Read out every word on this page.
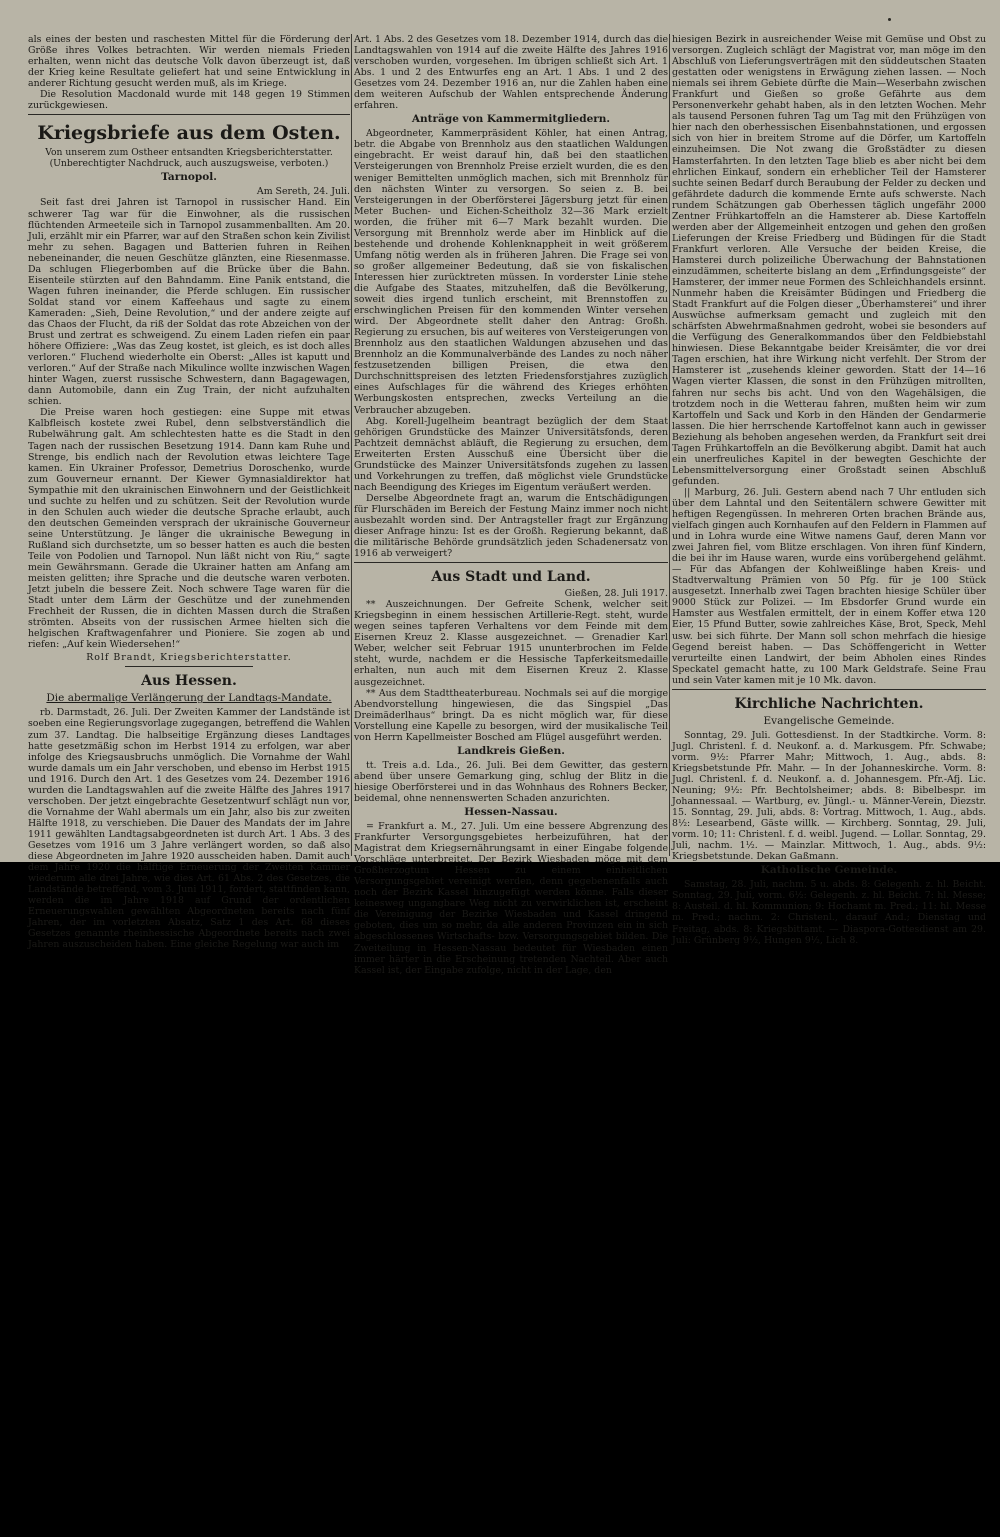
als eines der besten und raschesten Mittel für die Förderung der Größe ihres Volkes betrachten. Wir werden niemals Frieden erhalten, wenn nicht das deutsche Volk davon überzeugt ist, daß der Krieg keine Resultate geliefert hat und seine Entwicklung in anderer Richtung gesucht werden muß, als im Kriege.

Die Resolution Macdonald wurde mit 148 gegen 19 Stimmen zurückgewiesen.

Kriegsbriefe aus dem Osten.
Von unserem zum Ostheer entsandten Kriegsberichterstatter.
(Unberechtigter Nachdruck, auch auszugsweise, verboten.)
Tarnopol.

Am Sereth, 24. Juli.

Seit fast drei Jahren ist Tarnopol in russischer Hand. Ein schwerer Tag war für die Einwohner, als die russischen flüchtenden Armeeteile sich in Tarnopol zusammenballten. Am 20. Juli, erzählt mir ein Pfarrer, war auf den Straßen schon kein Zivilist mehr zu sehen. Bagagen und Batterien fuhren in Reihen nebeneinander, die neuen Geschütze glänzten, eine Riesenmasse. Da schlugen Fliegerbomben auf die Brücke über die Bahn. Eisenteile stürzten auf den Bahndamm. Eine Panik entstand, die Wagen fuhren ineinander, die Pferde schlugen. Ein russischer Soldat stand vor einem Kaffeehaus und sagte zu einem Kameraden: „Sieh, Deine Revolution,“ und der andere zeigte auf das Chaos der Flucht, da riß der Soldat das rote Abzeichen von der Brust und zertrat es schweigend. Zu einem Laden riefen ein paar höhere Offiziere: „Was das Zeug kostet, ist gleich, es ist doch alles verloren.“ Fluchend wiederholte ein Oberst: „Alles ist kaputt und verloren.“ Auf der Straße nach Mikulince wollte inzwischen Wagen hinter Wagen, zuerst russische Schwestern, dann Bagagewagen, dann Automobile, dann ein Zug Train, der nicht aufzuhalten schien.

Die Preise waren hoch gestiegen: eine Suppe mit etwas Kalbfleisch kostete zwei Rubel, denn selbstverständlich die Rubelwährung galt. Am schlechtesten hatte es die Stadt in den Tagen nach der russischen Besetzung 1914. Dann kam Ruhe und Strenge, bis endlich nach der Revolution etwas leichtere Tage kamen. Ein Ukrainer Professor, Demetrius Doroschenko, wurde zum Gouverneur ernannt. Der Kiewer Gymnasialdirektor hat Sympathie mit den ukrainischen Einwohnern und der Geistlichkeit und suchte zu helfen und zu schützen. Seit der Revolution wurde in den Schulen auch wieder die deutsche Sprache erlaubt, auch den deutschen Gemeinden versprach der ukrainische Gouverneur seine Unterstützung. Je länger die ukrainische Bewegung in Rußland sich durchsetzte, um so besser hatten es auch die besten Teile von Podolien und Tarnopol. Nun läßt nicht von Riu,“ sagte mein Gewährsmann. Gerade die Ukrainer hatten am Anfang am meisten gelitten; ihre Sprache und die deutsche waren verboten. Jetzt jubeln die bessere Zeit. Noch schwere Tage waren für die Stadt unter dem Lärm der Geschütze und der zunehmenden Frechheit der Russen, die in dichten Massen durch die Straßen strömten. Abseits von der russischen Armee hielten sich die helgischen Kraftwagenfahrer und Pioniere. Sie zogen ab und riefen: „Auf kein Wiedersehen!“

Rolf Brandt, Kriegsberichterstatter.
Aus Hessen.
Die abermalige Verlängerung der Landtags-Mandate.

rb. Darmstadt, 26. Juli. Der Zweiten Kammer der Landstände ist soeben eine Regierungsvorlage zugegangen, betreffend die Wahlen zum 37. Landtag. Die halbseitige Ergänzung dieses Landtages hatte gesetzmäßig schon im Herbst 1914 zu erfolgen, war aber infolge des Kriegsausbruchs unmöglich. Die Vornahme der Wahl wurde damals um ein Jahr verschoben, und ebenso im Herbst 1915 und 1916. Durch den Art. 1 des Gesetzes vom 24. Dezember 1916 wurden die Landtagswahlen auf die zweite Hälfte des Jahres 1917 verschoben. Der jetzt eingebrachte Gesetzentwurf schlägt nun vor, die Vornahme der Wahl abermals um ein Jahr, also bis zur zweiten Hälfte 1918, zu verschieben. Die Dauer des Mandats der im Jahre 1911 gewählten Landtagsabgeordneten ist durch Art. 1 Abs. 3 des Gesetzes vom 1916 um 3 Jahre verlängert worden, so daß also diese Abgeordneten im Jahre 1920 ausscheiden haben. Damit auch dem Jahre 1920 die hälftige Erneuerung der Zweiten Kammer wiederum alle drei Jahre, wie dies Art. 61 Abs. 2 des Gesetzes, die Landstände betreffend, vom 3. Juni 1911, fordert, stattfinden kann, werden die im Jahre 1918 auf Grund der ordentlichen Erneuerungswahlen gewählten Abgeordneten bereits nach fünf Jahren, der im vorletzten Absatz, Satz 1 des Art. 68 dieses Gesetzes genannte rheinhessische Abgeordnete bereits nach zwei Jahren auszuscheiden haben. Eine gleiche Regelung war auch im

Art. 1 Abs. 2 des Gesetzes vom 18. Dezember 1914, durch das die Landtagswahlen von 1914 auf die zweite Hälfte des Jahres 1916 verschoben wurden, vorgesehen. Im übrigen schließt sich Art. 1 Abs. 1 und 2 des Entwurfes eng an Art. 1 Abs. 1 und 2 des Gesetzes vom 24. Dezember 1916 an, nur die Zahlen haben eine dem weiteren Aufschub der Wahlen entsprechende Änderung erfahren.

Anträge von Kammermitgliedern.

Abgeordneter, Kammerpräsident Köhler, hat einen Antrag, betr. die Abgabe von Brennholz aus den staatlichen Waldungen eingebracht. Er weist darauf hin, daß bei den staatlichen Versteigerungen von Brennholz Preise erzielt wurden, die es den weniger Bemittelten unmöglich machen, sich mit Brennholz für den nächsten Winter zu versorgen. So seien z. B. bei Versteigerungen in der Oberförsterei Jägersburg jetzt für einen Meter Buchen- und Eichen-Scheitholz 32—36 Mark erzielt worden, die früher mit 6—7 Mark bezahlt wurden. Die Versorgung mit Brennholz werde aber im Hinblick auf die bestehende und drohende Kohlenknappheit in weit größerem Umfang nötig werden als in früheren Jahren. Die Frage sei von so großer allgemeiner Bedeutung, daß sie von fiskalischen Interessen hier zurücktreten müssen. In vorderster Linie stehe die Aufgabe des Staates, mitzuhelfen, daß die Bevölkerung, soweit dies irgend tunlich erscheint, mit Brennstoffen zu erschwinglichen Preisen für den kommenden Winter versehen wird. Der Abgeordnete stellt daher den Antrag: Großh. Regierung zu ersuchen, bis auf weiteres von Versteigerungen von Brennholz aus den staatlichen Waldungen abzusehen und das Brennholz an die Kommunalverbände des Landes zu noch näher festzusetzenden billigen Preisen, die etwa den Durchschnittspreisen des letzten Friedensforstjahres zuzüglich eines Aufschlages für die während des Krieges erhöhten Werbungskosten entsprechen, zwecks Verteilung an die Verbraucher abzugeben.

Abg. Korell-Jugelheim beantragt bezüglich der dem Staat gehörigen Grundstücke des Mainzer Universitätsfonds, deren Pachtzeit demnächst abläuft, die Regierung zu ersuchen, dem Erweiterten Ersten Ausschuß eine Übersicht über die Grundstücke des Mainzer Universitätsfonds zugehen zu lassen und Vorkehrungen zu treffen, daß möglichst viele Grundstücke nach Beendigung des Krieges im Eigentum veräußert werden.

Derselbe Abgeordnete fragt an, warum die Entschädigungen für Flurschäden im Bereich der Festung Mainz immer noch nicht ausbezahlt worden sind. Der Antragsteller fragt zur Ergänzung dieser Anfrage hinzu: Ist es der Großh. Regierung bekannt, daß die militärische Behörde grundsätzlich jeden Schadenersatz von 1916 ab verweigert?

Aus Stadt und Land.

Gießen, 28. Juli 1917.

** Auszeichnungen. Der Gefreite Schenk, welcher seit Kriegsbeginn in einem hessischen Artillerie-Regt. steht, wurde wegen seines tapferen Verhaltens vor dem Feinde mit dem Eisernen Kreuz 2. Klasse ausgezeichnet. — Grenadier Karl Weber, welcher seit Februar 1915 ununterbrochen im Felde steht, wurde, nachdem er die Hessische Tapferkeitsmedaille erhalten, nun auch mit dem Eisernen Kreuz 2. Klasse ausgezeichnet.

** Aus dem Stadttheaterbureau. Nochmals sei auf die morgige Abendvorstellung hingewiesen, die das Singspiel „Das Dreimäderlhaus“ bringt. Da es nicht möglich war, für diese Vorstellung eine Kapelle zu besorgen, wird der musikalische Teil von Herrn Kapellmeister Bosched am Flügel ausgeführt werden.

Landkreis Gießen.

tt. Treis a.d. Lda., 26. Juli. Bei dem Gewitter, das gestern abend über unsere Gemarkung ging, schlug der Blitz in die hiesige Oberförsterei und in das Wohnhaus des Rohners Becker, beidemal, ohne nennenswerten Schaden anzurichten.

Hessen-Nassau.

= Frankfurt a. M., 27. Juli. Um eine bessere Abgrenzung des Frankfurter Versorgungsgebietes herbeizuführen, hat der Magistrat dem Kriegsernährungsamt in einer Eingabe folgende Vorschläge unterbreitet. Der Bezirk Wiesbaden möge mit dem Großherzogtum Hessen zu einem einheitlichen Versorgungsgebiet vereinigt werden, denn gegebenenfalls auch noch der Bezirk Kassel hinzugefügt werden könne. Falls dieser keinesweg ungangbare Weg nicht zu verwirklichen ist, erscheint die Vereinigung der Bezirke Wiesbaden und Kassel dringend geboten, dies um so mehr, da alle anderen Provinzen ein in sich abgeschlossenes Wirtschafts- bzw. Versorgungsgebiet bilden. Die Zweiteilung in Hessen-Nassau bedeutet für Wiesbaden einen immer härter in die Erscheinung tretenden Nachteil. Aber auch Kassel ist, der Eingabe zufolge, nicht in der Lage, den

hiesigen Bezirk in ausreichender Weise mit Gemüse und Obst zu versorgen. Zugleich schlägt der Magistrat vor, man möge im den Abschluß von Lieferungsverträgen mit den süddeutschen Staaten gestatten oder wenigstens in Erwägung ziehen lassen. — Noch niemals sei ihrem Gebiete dürfte die Main—Weserbahn zwischen Frankfurt und Gießen so große Gefährte aus dem Personenverkehr gehabt haben, als in den letzten Wochen. Mehr als tausend Personen fuhren Tag um Tag mit den Frühzügen von hier nach den oberhessischen Eisenbahnstationen, und ergossen sich von hier in breitem Strome auf die Dörfer, um Kartoffeln einzuheimsen. Die Not zwang die Großstädter zu diesen Hamsterfahrten. In den letzten Tage blieb es aber nicht bei dem ehrlichen Einkauf, sondern ein erheblicher Teil der Hamsterer suchte seinen Bedarf durch Beraubung der Felder zu decken und gefährdete dadurch die kommende Ernte aufs schwerste. Nach rundem Schätzungen gab Oberhessen täglich ungefähr 2000 Zentner Frühkartoffeln an die Hamsterer ab. Diese Kartoffeln werden aber der Allgemeinheit entzogen und gehen den großen Lieferungen der Kreise Friedberg und Büdingen für die Stadt Frankfurt verloren. Alle Versuche der beiden Kreise, die Hamsterei durch polizeiliche Überwachung der Bahnstationen einzudämmen, scheiterte bislang an dem „Erfindungsgeiste“ der Hamsterer, der immer neue Formen des Schleichhandels ersinnt. Nunmehr haben die Kreisämter Büdingen und Friedberg die Stadt Frankfurt auf die Folgen dieser „Überhamsterei“ und ihrer Auswüchse aufmerksam gemacht und zugleich mit den schärfsten Abwehrmaßnahmen gedroht, wobei sie besonders auf die Verfügung des Generalkommandos über den Feldbiebstahl hinwiesen. Diese Bekanntgabe beider Kreisämter, die vor drei Tagen erschien, hat ihre Wirkung nicht verfehlt. Der Strom der Hamsterer ist „zusehends kleiner geworden. Statt der 14—16 Wagen vierter Klassen, die sonst in den Frühzügen mitrollten, fahren nur sechs bis acht. Und von den Wagehälsigen, die trotzdem noch in die Wetterau fahren, mußten heim wir zum Kartoffeln und Sack und Korb in den Händen der Gendarmerie lassen. Die hier herrschende Kartoffelnot kann auch in gewisser Beziehung als behoben angesehen werden, da Frankfurt seit drei Tagen Frühkartoffeln an die Bevölkerung abgibt. Damit hat auch ein unerfreuliches Kapitel in der bewegten Geschichte der Lebensmittelversorgung einer Großstadt seinen Abschluß gefunden.

|| Marburg, 26. Juli. Gestern abend nach 7 Uhr entluden sich über dem Lahntal und den Seitentälern schwere Gewitter mit heftigen Regengüssen. In mehreren Orten brachen Brände aus, vielfach gingen auch Kornhaufen auf den Feldern in Flammen auf und in Lohra wurde eine Witwe namens Gauf, deren Mann vor zwei Jahren fiel, vom Blitze erschlagen. Von ihren fünf Kindern, die bei ihr im Hause waren, wurde eins vorübergehend gelähmt. — Für das Abfangen der Kohlweißlinge haben Kreis- und Stadtverwaltung Prämien von 50 Pfg. für je 100 Stück ausgesetzt. Innerhalb zwei Tagen brachten hiesige Schüler über 9000 Stück zur Polizei. — Im Ebsdorfer Grund wurde ein Hamster aus Westfalen ermittelt, der in einem Koffer etwa 120 Eier, 15 Pfund Butter, sowie zahlreiches Käse, Brot, Speck, Mehl usw. bei sich führte. Der Mann soll schon mehrfach die hiesige Gegend bereist haben. — Das Schöffengericht in Wetter verurteilte einen Landwirt, der beim Abholen eines Rindes Speckatel gemacht hatte, zu 100 Mark Geldstrafe. Seine Frau und sein Vater kamen mit je 10 Mk. davon.

Kirchliche Nachrichten.
Evangelische Gemeinde.

Sonntag, 29. Juli. Gottesdienst. In der Stadtkirche. Vorm. 8: Jugl. Christenl. f. d. Neukonf. a. d. Markusgem. Pfr. Schwabe; vorm. 9½: Pfarrer Mahr; Mittwoch, 1. Aug., abds. 8: Kriegsbetstunde Pfr. Mahr. — In der Johanneskirche. Vorm. 8: Jugl. Christenl. f. d. Neukonf. a. d. Johannesgem. Pfr.-Afj. Lic. Neuning; 9½: Pfr. Bechtolsheimer; abds. 8: Bibelbespr. im Johannessaal. — Wartburg, ev. Jüngl.- u. Männer-Verein, Diezstr. 15. Sonntag, 29. Juli, abds. 8: Vortrag. Mittwoch, 1. Aug., abds. 8½: Lesearbend, Gäste willk. — Kirchberg. Sonntag, 29. Juli, vorm. 10; 11: Christenl. f. d. weibl. Jugend. — Lollar. Sonntag, 29. Juli, nachm. 1½. — Mainzlar. Mittwoch, 1. Aug., abds. 9½: Kriegsbetstunde. Dekan Gaßmann.

Katholische Gemeinde.

Samstag, 28. Juli, nachm. 5 u. abds. 8: Gelegenh. z. hl. Beicht. Sonntag, 29. Juli, vorm. 6½: Gelegenh. z. hl. Beicht. 7: hl. Messe; 8: Austeil. d. hl. Kommunion; 9: Hochamt m. Pred.; 11: hl. Messe m. Pred.; nachm. 2: Christenl., darauf And.; Dienstag und Freitag, abds. 8: Kriegsbittamt. — Diaspora-Gottesdienst am 29. Juli: Grünberg 9½, Hungen 9½, Lich 8.
